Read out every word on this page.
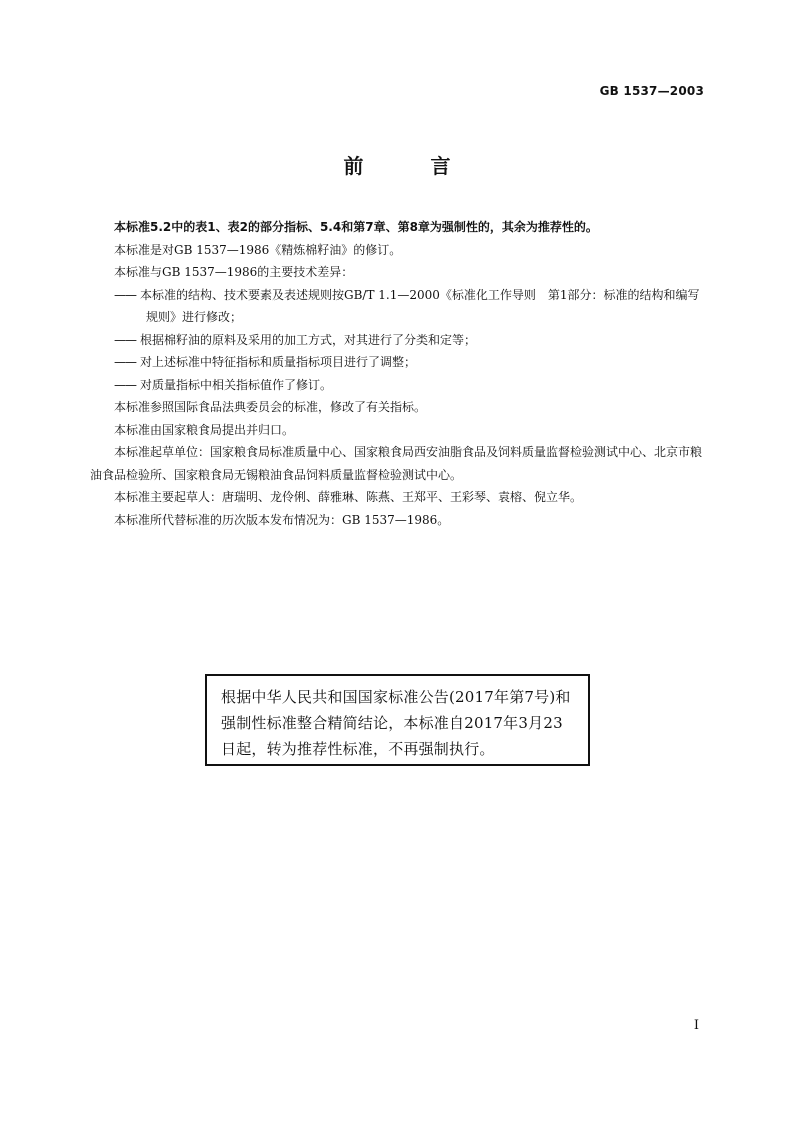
GB 1537—2003
前 言

本标准5.2中的表1、表2的部分指标、5.4和第7章、第8章为强制性的，其余为推荐性的。

本标准是对GB 1537—1986《精炼棉籽油》的修订。

本标准与GB 1537—1986的主要技术差异：

—— 本标准的结构、技术要素及表述规则按GB/T 1.1—2000《标准化工作导则　第1部分：标准的结构和编写规则》进行修改；

—— 根据棉籽油的原料及采用的加工方式，对其进行了分类和定等；

—— 对上述标准中特征指标和质量指标项目进行了调整；

—— 对质量指标中相关指标值作了修订。

本标准参照国际食品法典委员会的标准，修改了有关指标。

本标准由国家粮食局提出并归口。

本标准起草单位：国家粮食局标准质量中心、国家粮食局西安油脂食品及饲料质量监督检验测试中心、北京市粮油食品检验所、国家粮食局无锡粮油食品饲料质量监督检验测试中心。

本标准主要起草人：唐瑞明、龙伶俐、薛雅琳、陈燕、王郑平、王彩琴、袁榕、倪立华。

本标准所代替标准的历次版本发布情况为：GB 1537—1986。

根据中华人民共和国国家标准公告(2017年第7号)和强制性标准整合精简结论，本标准自2017年3月23日起，转为推荐性标准，不再强制执行。
I
